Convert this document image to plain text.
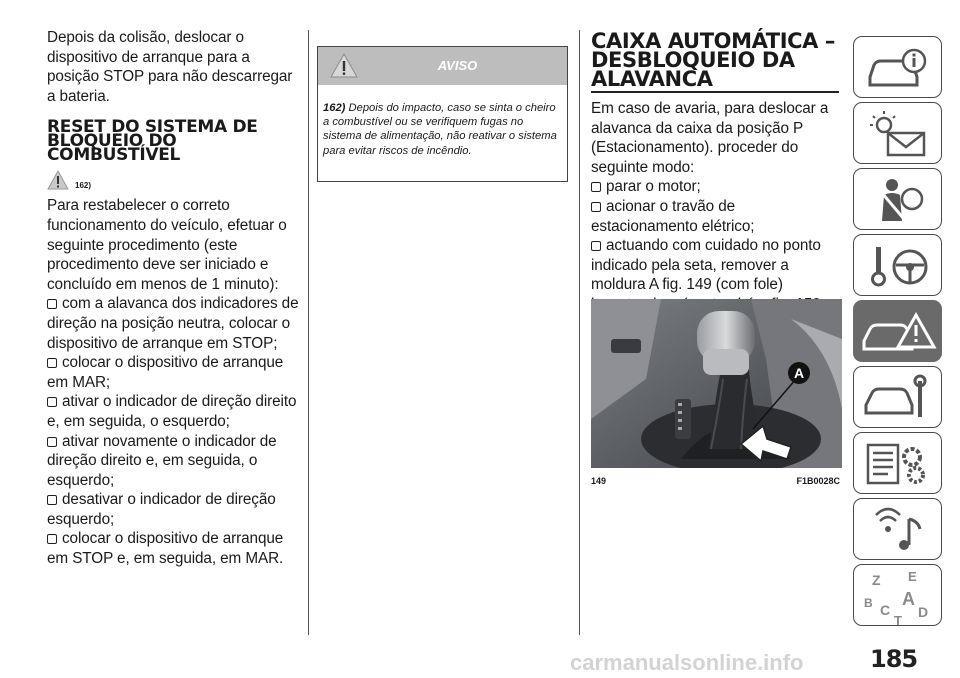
Depois da colisão, deslocar o dispositivo de arranque para a posição STOP para não descarregar a bateria.

RESET DO SISTEMA DE BLOQUEIO DO COMBUSTÍVEL
162)

Para restabelecer o correto funcionamento do veículo, efetuar o seguinte procedimento (este procedimento deve ser iniciado e concluído em menos de 1 minuto):

com a alavanca dos indicadores de direção na posição neutra, colocar o dispositivo de arranque em STOP;

colocar o dispositivo de arranque em MAR;

ativar o indicador de direção direito e, em seguida, o esquerdo;

ativar novamente o indicador de direção direito e, em seguida, o esquerdo;

desativar o indicador de direção esquerdo;

colocar o dispositivo de arranque em STOP e, em seguida, em MAR.

AVISO
162) Depois do impacto, caso se sinta o cheiro a combustível ou se verifiquem fugas no sistema de alimentação, não reativar o sistema para evitar riscos de incêndio.
CAIXA AUTOMÁTICA – DESBLOQUEIO DA ALAVANCA

Em caso de avaria, para deslocar a alavanca da caixa da posição P (Estacionamento). proceder do seguinte modo:

parar o motor;

acionar o travão de estacionamento elétrico;

actuando com cuidado no ponto indicado pela seta, remover a moldura A fig. 149 (com fole)

A
149	F1B0028C
Z E
B A
C D
T
185
carmanualsonline.info
